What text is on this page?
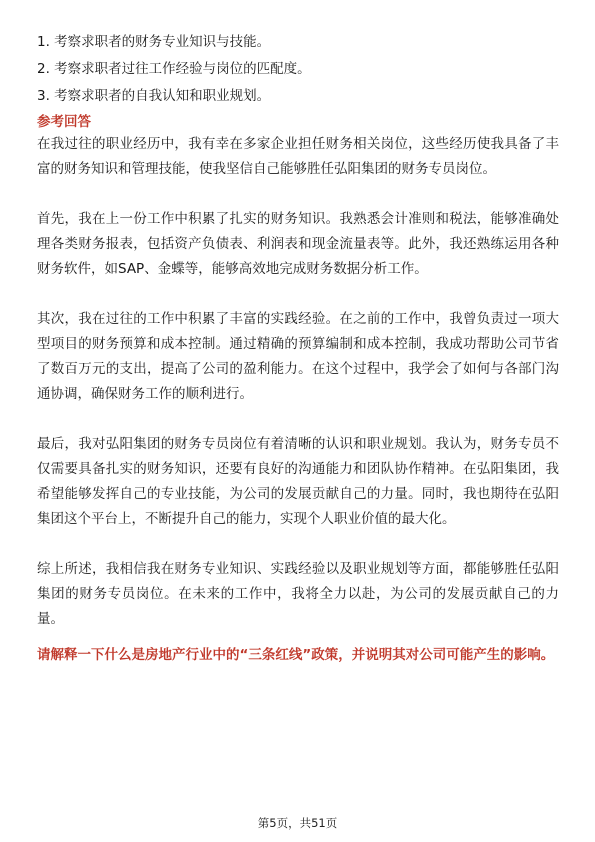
1. 考察求职者的财务专业知识与技能。

2. 考察求职者过往工作经验与岗位的匹配度。

3. 考察求职者的自我认知和职业规划。

参考回答

在我过往的职业经历中，我有幸在多家企业担任财务相关岗位，这些经历使我具备了丰富的财务知识和管理技能，使我坚信自己能够胜任弘阳集团的财务专员岗位。

首先，我在上一份工作中积累了扎实的财务知识。我熟悉会计准则和税法，能够准确处理各类财务报表，包括资产负债表、利润表和现金流量表等。此外，我还熟练运用各种财务软件，如SAP、金蝶等，能够高效地完成财务数据分析工作。

其次，我在过往的工作中积累了丰富的实践经验。在之前的工作中，我曾负责过一项大型项目的财务预算和成本控制。通过精确的预算编制和成本控制，我成功帮助公司节省了数百万元的支出，提高了公司的盈利能力。在这个过程中，我学会了如何与各部门沟通协调，确保财务工作的顺利进行。

最后，我对弘阳集团的财务专员岗位有着清晰的认识和职业规划。我认为，财务专员不仅需要具备扎实的财务知识，还要有良好的沟通能力和团队协作精神。在弘阳集团，我希望能够发挥自己的专业技能，为公司的发展贡献自己的力量。同时，我也期待在弘阳集团这个平台上，不断提升自己的能力，实现个人职业价值的最大化。

综上所述，我相信我在财务专业知识、实践经验以及职业规划等方面，都能够胜任弘阳集团的财务专员岗位。在未来的工作中，我将全力以赴，为公司的发展贡献自己的力量。

请解释一下什么是房地产行业中的“三条红线”政策，并说明其对公司可能产生的影响。

第5页，共51页
